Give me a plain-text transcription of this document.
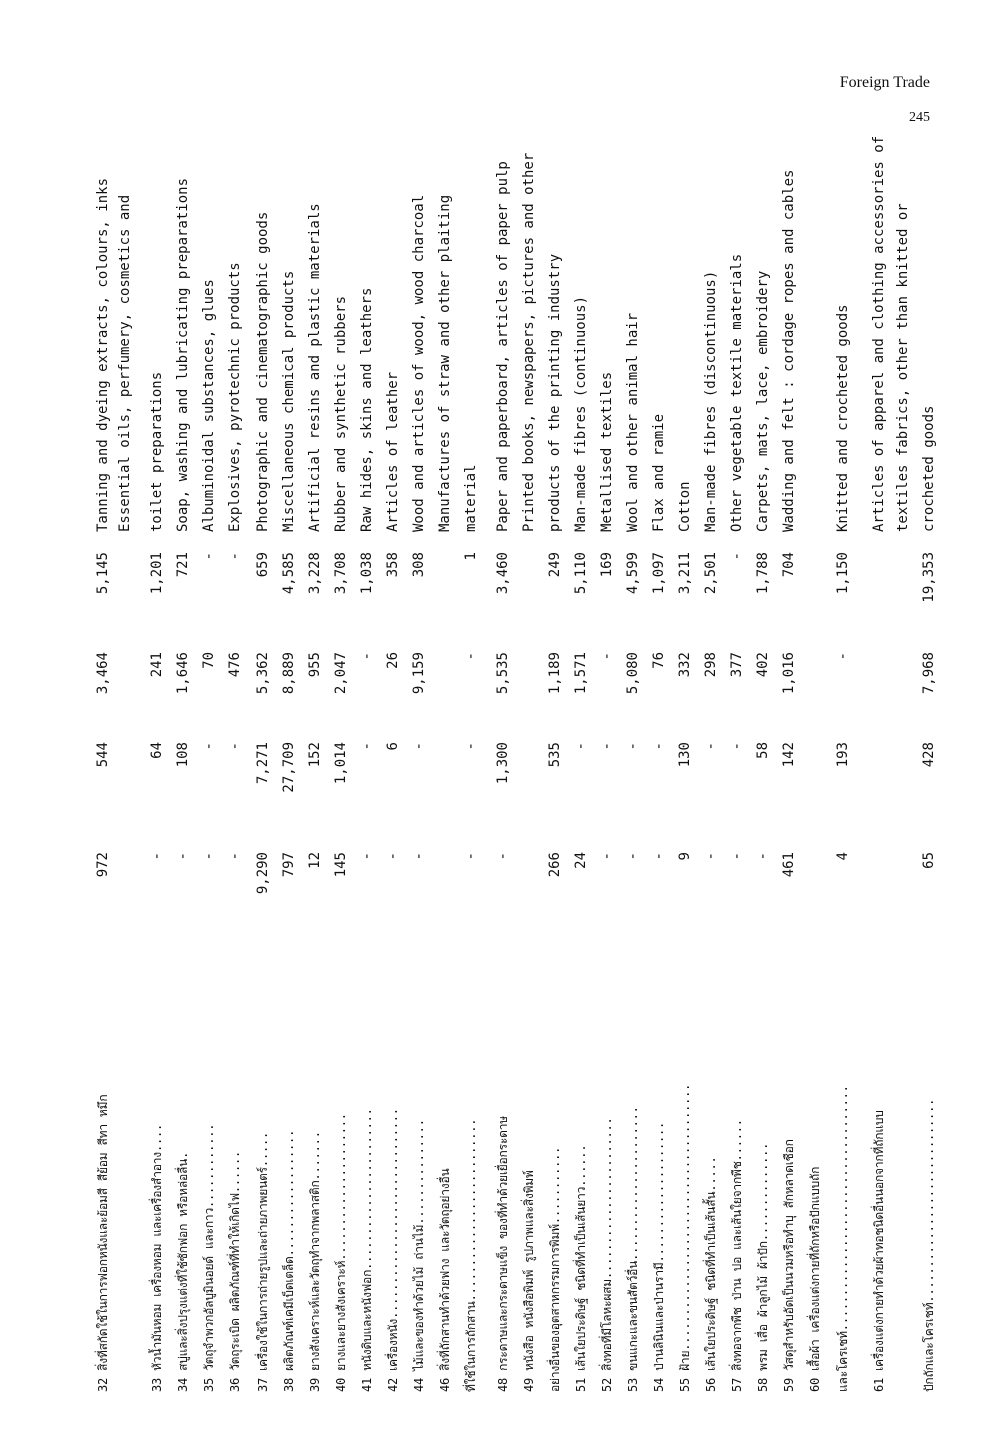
Foreign Trade
245
32 สิ่งที่สกัดใช้ในการฟอกหนังและย้อมสี สีย้อม สีทา หมึก
972
544
3,464
5,145
Tanning and dyeing extracts, colours, inks Essential oils, perfumery, cosmetics and
33 หัวน้ำมันหอม เครื่องหอม และเครื่องสำอาง....
-
64
241
1,201
toilet preparations
34 สบู่และสิ่งปรุงแต่งที่ใช้ซักฟอก หรือหล่อลื่น.
-
108
1,646
721
Soap, washing and lubricating preparations
35 วัตถุจำพวกอัลบูมินอยด์ และกาว............
-
-
70
-
Albuminoidal substances, glues
36 วัตถุระเบิด ผลิตภัณฑ์ที่ทำให้เกิดไฟ......
-
-
476
-
Explosives, pyrotechnic products
37 เครื่องใช้ในการถ่ายรูปและถ่ายภาพยนตร์.....
9,290
7,271
5,362
659
Photographic and cinematographic goods
38 ผลิตภัณฑ์เคมีเบ็ดเตล็ด..................
797
27,709
8,889
4,585
Miscellaneous chemical products
39 ยางสังเคราะห์และวัตถุทำจากพลาสติก.......
12
152
955
3,228
Artificial resins and plastic materials
40 ยางและยางสังเคราะห์.....................
145
1,014
2,047
3,708
Rubber and synthetic rubbers
41 หนังดิบและหนังฟอก.......................
-
-
-
1,038
Raw hides, skins and leathers
42 เครื่องหนัง..............................
-
6
26
358
Articles of leather
44 ไม้และของทำด้วยไม้ ถ่านไม้...............
-
-
9,159
308
Wood and articles of wood, wood charcoal
46 สิ่งที่ถักสานทำด้วยฟาง และวัตถุอย่างอื่น
Manufactures of straw and other plaiting
ที่ใช้ในการถักสาน..........................
-
-
-
1
material
48 กระดาษและกระดาษแข็ง ของที่ทำด้วยเยื่อกระดาษ
-
1,300
5,535
3,460
Paper and paperboard, articles of paper pulp
49 หนังสือ หนังสือพิมพ์ รูปภาพและสิ่งพิมพ์
Printed books, newspapers, pictures and other
อย่างอื่นของอุตสาหกรรมการพิมพ์...........
266
535
1,189
249
products of the printing industry
51 เส้นใยประดิษฐ์ ชนิดที่ทำเป็นเส้นยาว......
24
-
1,571
5,110
Man-made fibres (continuous)
52 สิ่งทอที่มีโลหะผสม.......................
-
-
-
169
Metallised textiles
53 ขนแกะและขนสัตว์อื่น......................
-
-
5,080
4,599
Wool and other animal hair
54 ป่านลินินและป่านรามี....................
-
-
76
1,097
Flax and ramie
55 ฝ้าย......................................
9
130
332
3,211
Cotton
56 เส้นใยประดิษฐ์ ชนิดที่ทำเป็นเส้นสั้น.....
-
-
298
2,501
Man-made fibres (discontinuous)
57 สิ่งทอจากพืช ป่าน ปอ และเส้นใยจากพืช......
-
-
377
-
Other vegetable textile materials
58 พรม เสื่อ ผ้าลูกไม้ ผ้าปัก..............
-
58
402
1,788
Carpets, mats, lace, embroidery
59 วัสดุสำหรับอัดเป็นนวมหรือทำบุ สักหลาดเชือก
461
142
1,016
704
Wadding and felt : cordage ropes and cables
60 เสื้อผ้า เครื่องแต่งกายที่ถักหรือปักแบบถัก	และโครเชท์...................................
4
193
-
1,150
Knitted and crocheted goods
61 เครื่องแต่งกายทำด้วยผ้าทอชนิดอื่นนอกจากที่ถักแบบ
Articles of apparel and clothing accessories of textiles fabrics, other than knitted or
ปักถักและโครเชท์.............................
65
428
7,968
19,353
crocheted goods
